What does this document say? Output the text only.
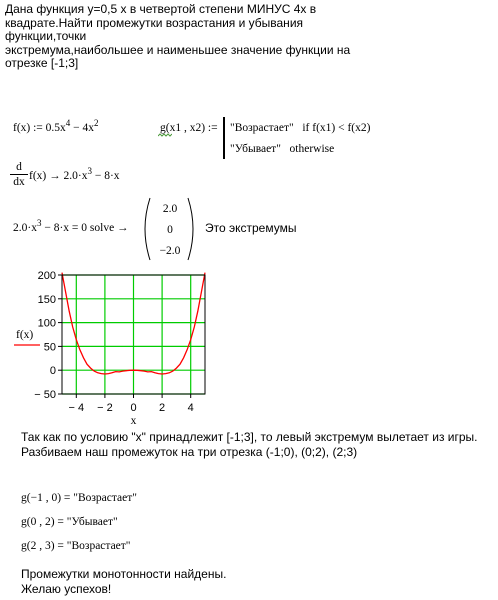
Дана функция y=0,5 x в четвертой степени МИНУС 4x в
квадрате.Найти промежутки возрастания и убывания функции,точки
экстремума,наибольшее и наименьшее значение функции на
отрезке [-1;3]
f(x) := $0.5x^4 - 4x^2$	g(x1 , x2) := "Возрастает" if f(x1) < f(x2)
"Убывает" otherwise
d
dx $f(x) \to 2.0\cdot x^3 - 8\cdot x$
$2.0\cdot x^3 - 8\cdot x = 0$ solve →
2.0
0
−2.0
Это экстремумы
− 50
0
50
100
150
200
− 4 − 2 0 2 4
f(x)
x
Так как по условию "x" принадлежит [-1;3], то левый экстремум вылетает из игры.
Разбиваем наш промежуток на три отрезка (-1;0), (0;2), (2;3)
g(−1 , 0) = "Возрастает"
g(0 , 2) = "Убывает"
g(2 , 3) = "Возрастает"
Промежутки монотонности найдены.
Желаю успехов!
